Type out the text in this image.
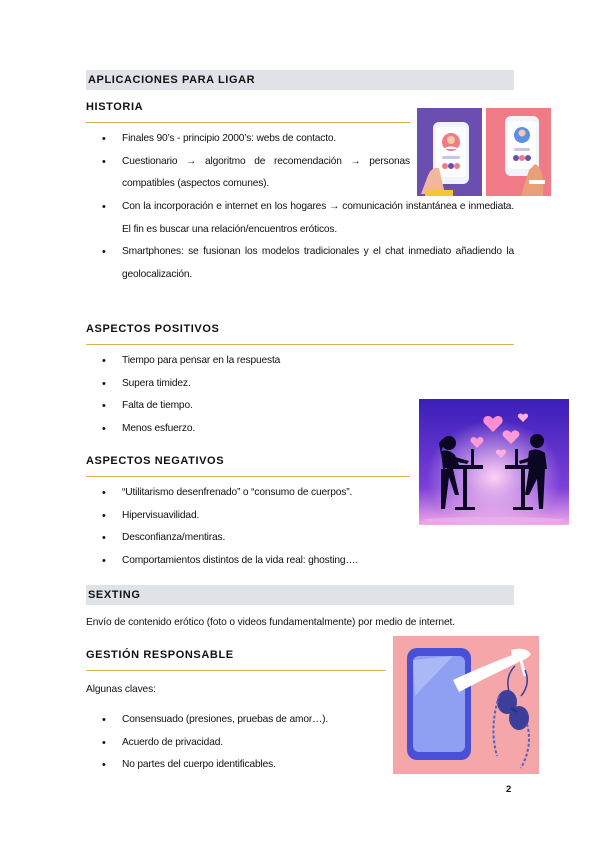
APLICACIONES PARA LIGAR
HISTORIA
• Finales 90’s - principio 2000’s: webs de contacto.
• Cuestionario → algoritmo de recomendación → personas compatibles (aspectos comunes).
• Con la incorporación e internet en los hogares → comunicación instantánea e inmediata. El fin es buscar una relación/encuentros eróticos.
• Smartphones: se fusionan los modelos tradicionales y el chat inmediato añadiendo la geolocalización.
ASPECTOS POSITIVOS
• Tiempo para pensar en la respuesta
• Supera timidez.
• Falta de tiempo.
• Menos esfuerzo.
ASPECTOS NEGATIVOS
• “Utilitarismo desenfrenado” o “consumo de cuerpos”.
• Hipervisuavilidad.
• Desconfianza/mentiras.
• Comportamientos distintos de la vida real: ghosting….
SEXTING
Envío de contenido erótico (foto o videos fundamentalmente) por medio de internet.
GESTIÓN RESPONSABLE
Algunas claves:
• Consensuado (presiones, pruebas de amor…).
• Acuerdo de privacidad.
• No partes del cuerpo identificables.
2
